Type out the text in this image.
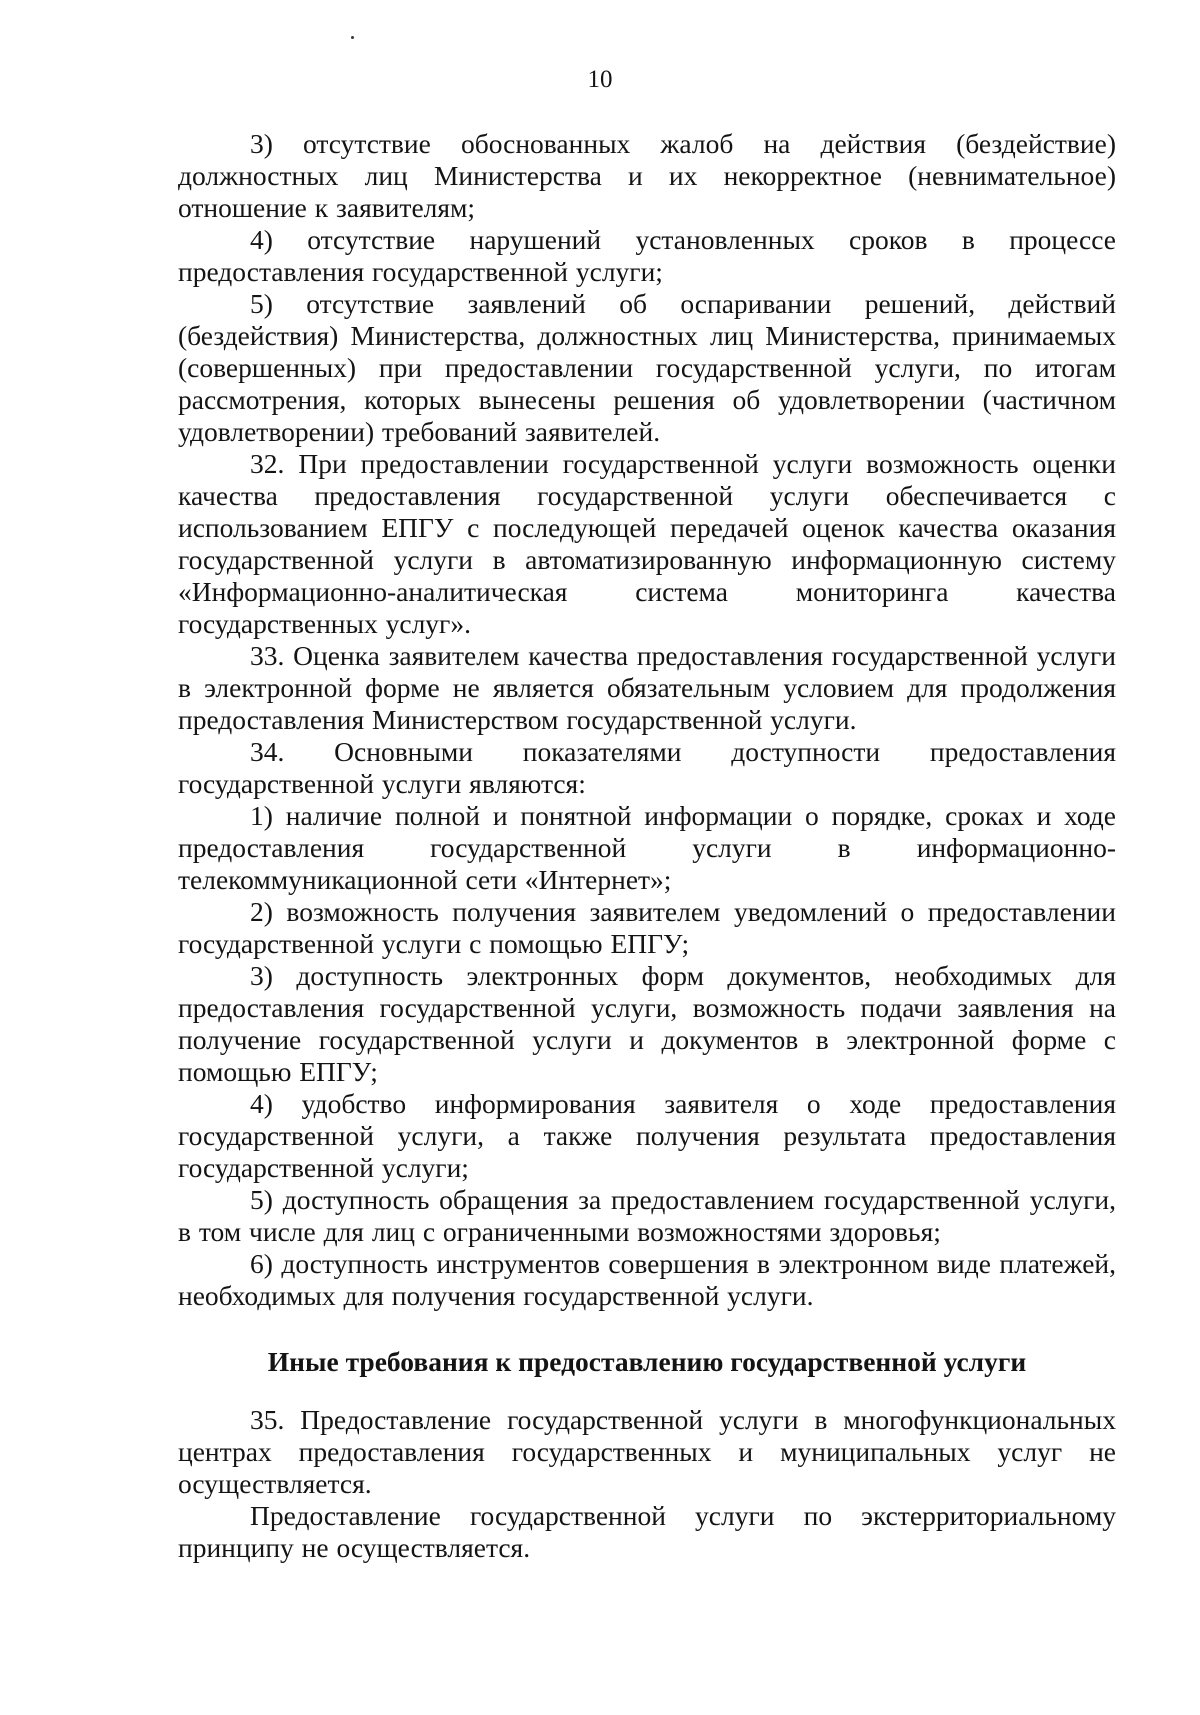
10

3) отсутствие обоснованных жалоб на действия (бездействие) должностных лиц Министерства и их некорректное (невнимательное) отношение к заявителям;

4) отсутствие нарушений установленных сроков в процессе предоставления государственной услуги;

5) отсутствие заявлений об оспаривании решений, действий (бездействия) Министерства, должностных лиц Министерства, принимаемых (совершенных) при предоставлении государственной услуги, по итогам рассмотрения, которых вынесены решения об удовлетворении (частичном удовлетворении) требований заявителей.

32. При предоставлении государственной услуги возможность оценки качества предоставления государственной услуги обеспечивается с использованием ЕПГУ с последующей передачей оценок качества оказания государственной услуги в автоматизированную информационную систему «Информационно-аналитическая система мониторинга качества государственных услуг».

33. Оценка заявителем качества предоставления государственной услуги в электронной форме не является обязательным условием для продолжения предоставления Министерством государственной услуги.

34. Основными показателями доступности предоставления государственной услуги являются:

1) наличие полной и понятной информации о порядке, сроках и ходе предоставления государственной услуги в информационно-телекоммуникационной сети «Интернет»;

2) возможность получения заявителем уведомлений о предоставлении государственной услуги с помощью ЕПГУ;

3) доступность электронных форм документов, необходимых для предоставления государственной услуги, возможность подачи заявления на получение государственной услуги и документов в электронной форме с помощью ЕПГУ;

4) удобство информирования заявителя о ходе предоставления государственной услуги, а также получения результата предоставления государственной услуги;

5) доступность обращения за предоставлением государственной услуги, в том числе для лиц с ограниченными возможностями здоровья;

6) доступность инструментов совершения в электронном виде платежей, необходимых для получения государственной услуги.

Иные требования к предоставлению государственной услуги

35. Предоставление государственной услуги в многофункциональных центрах предоставления государственных и муниципальных услуг не осуществляется.

Предоставление государственной услуги по экстерриториальному принципу не осуществляется.
